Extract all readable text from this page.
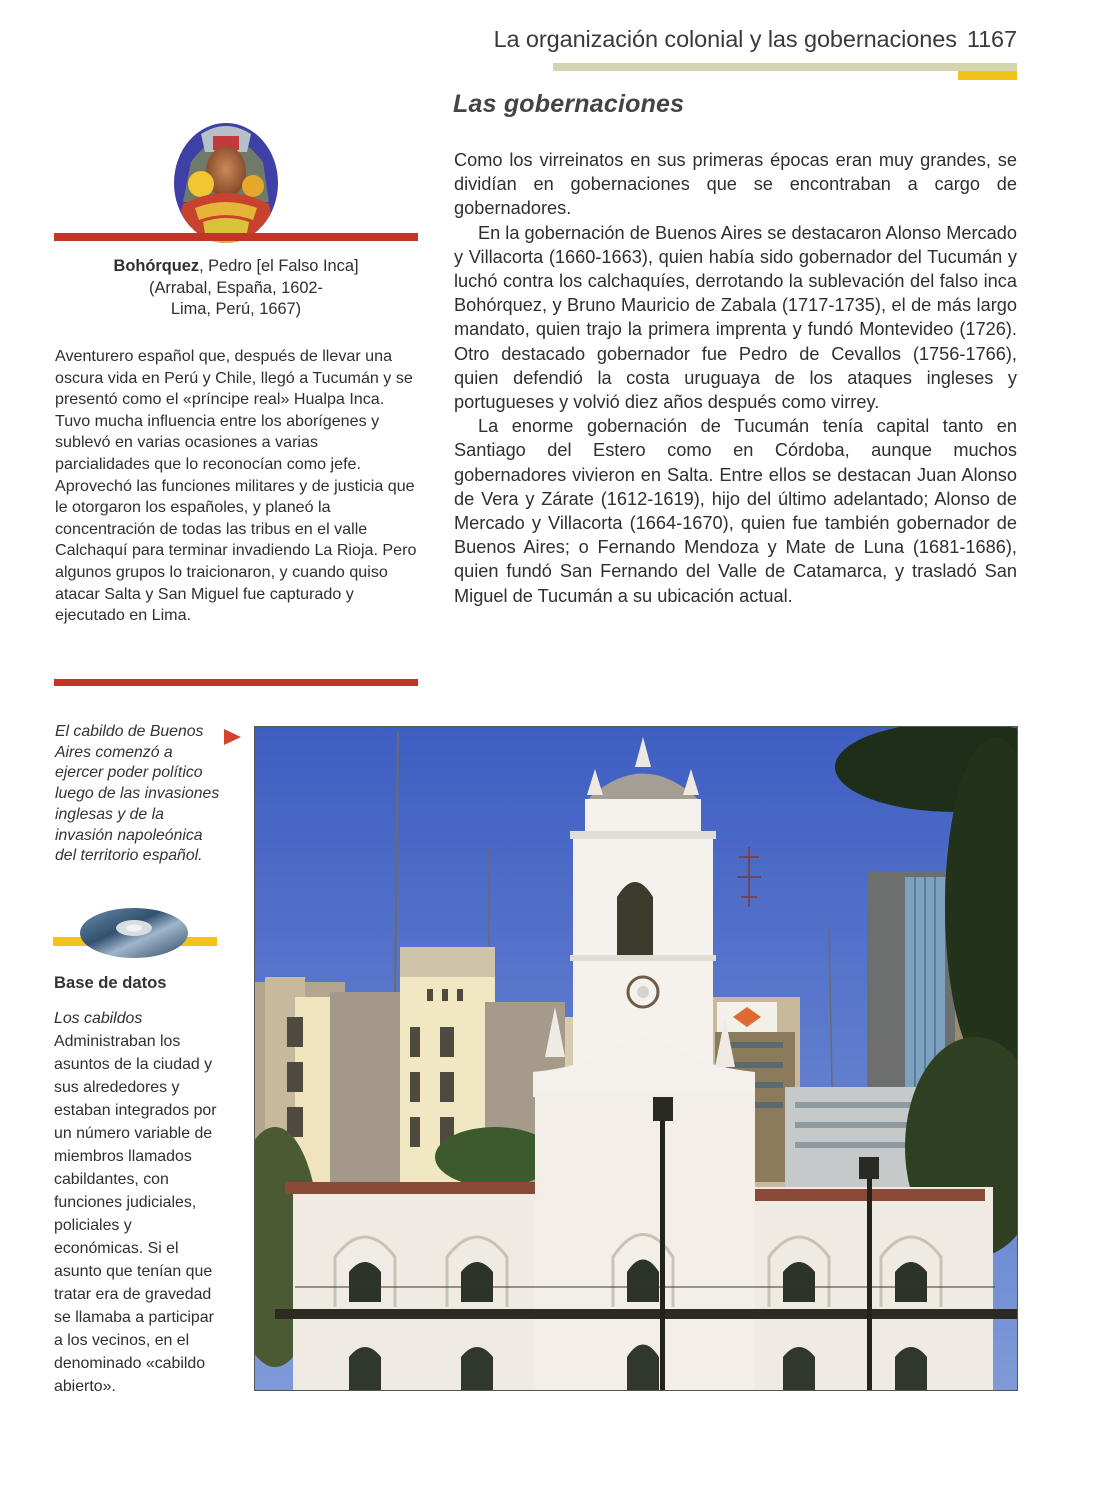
La organización colonial y las gobernaciones 1167
Las gobernaciones

Como los virreinatos en sus primeras épocas eran muy grandes, se dividían en gobernaciones que se encontraban a cargo de gobernadores.

En la gobernación de Buenos Aires se destacaron Alonso Mercado y Villacorta (1660-1663), quien había sido gobernador del Tucumán y luchó contra los calchaquíes, derrotando la sublevación del falso inca Bohórquez, y Bruno Mauricio de Zabala (1717-1735), el de más largo mandato, quien trajo la primera imprenta y fundó Montevideo (1726). Otro destacado gobernador fue Pedro de Cevallos (1756-1766), quien defendió la costa uruguaya de los ataques ingleses y portugueses y volvió diez años después como virrey.

La enorme gobernación de Tucumán tenía capital tanto en Santiago del Estero como en Córdoba, aunque muchos gobernadores vivieron en Salta. Entre ellos se destacan Juan Alonso de Vera y Zárate (1612-1619), hijo del último adelantado; Alonso de Mercado y Villacorta (1664-1670), quien fue también gobernador de Buenos Aires; o Fernando Mendoza y Mate de Luna (1681-1686), quien fundó San Fernando del Valle de Catamarca, y trasladó San Miguel de Tucumán a su ubicación actual.

Bohórquez, Pedro [el Falso Inca]
(Arrabal, España, 1602-
Lima, Perú, 1667)
Aventurero español que, después de llevar una oscura vida en Perú y Chile, llegó a Tucumán y se presentó como el «príncipe real» Hualpa Inca. Tuvo mucha influencia entre los aborígenes y sublevó en varias ocasiones a varias parcialidades que lo reconocían como jefe. Aprovechó las funciones militares y de justicia que le otorgaron los españoles, y planeó la concentración de todas las tribus en el valle Calchaquí para terminar invadiendo La Rioja. Pero algunos grupos lo traicionaron, y cuando quiso atacar Salta y San Miguel fue capturado y ejecutado en Lima.
El cabildo de Buenos Aires comenzó a ejercer poder político luego de las invasiones inglesas y de la invasión napoleónica del territorio español.
Base de datos
Los cabildos
Administraban los asuntos de la ciudad y sus alrededores y estaban integrados por un número variable de miembros llamados cabildantes, con funciones judiciales, policiales y económicas. Si el asunto que tenían que tratar era de gravedad se llamaba a participar a los vecinos, en el denominado «cabildo abierto».
